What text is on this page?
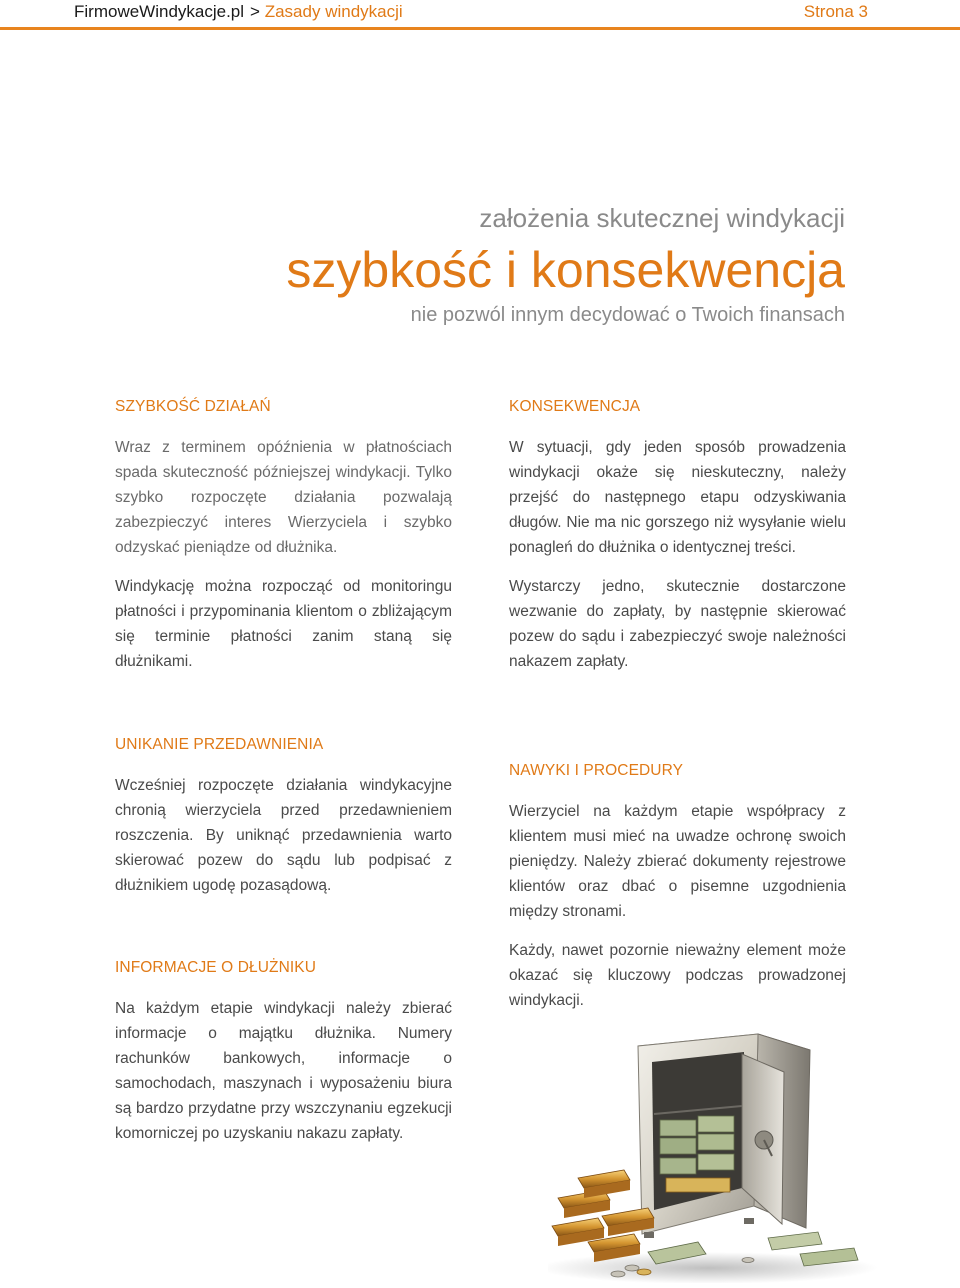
FirmoweWindykacje.pl > Zasady windykacji	Strona 3
założenia skutecznej windykacji
szybkość i konsekwencja
nie pozwól innym decydować o Twoich finansach
SZYBKOŚĆ DZIAŁAŃ

Wraz z terminem opóźnienia w płatnościach spada skuteczność późniejszej windykacji. Tylko szybko rozpoczęte działania pozwalają zabezpieczyć interes Wierzyciela i szybko odzyskać pieniądze od dłużnika.

Windykację można rozpocząć od monitoringu płatności i przypominania klientom o zbliżającym się terminie płatności zanim staną się dłużnikami.

KONSEKWENCJA

W sytuacji, gdy jeden sposób prowadzenia windykacji okaże się nieskuteczny, należy przejść do następnego etapu odzyskiwania długów. Nie ma nic gorszego niż wysyłanie wielu ponagleń do dłużnika o identycznej treści.

Wystarczy jedno, skutecznie dostarczone wezwanie do zapłaty, by następnie skierować pozew do sądu i zabezpieczyć swoje należności nakazem zapłaty.

UNIKANIE PRZEDAWNIENIA

Wcześniej rozpoczęte działania windykacyjne chronią wierzyciela przed przedawnieniem roszczenia. By uniknąć przedawnienia warto skierować pozew do sądu lub podpisać z dłużnikiem ugodę pozasądową.

NAWYKI I PROCEDURY

Wierzyciel na każdym etapie współpracy z klientem musi mieć na uwadze ochronę swoich pieniędzy. Należy zbierać dokumenty rejestrowe klientów oraz dbać o pisemne uzgodnienia między stronami.

Każdy, nawet pozornie nieważny element może okazać się kluczowy podczas prowadzonej windykacji.

INFORMACJE O DŁUŻNIKU

Na każdym etapie windykacji należy zbierać informacje o majątku dłużnika. Numery rachunków bankowych, informacje o samochodach, maszynach i wyposażeniu biura są bardzo przydatne przy wszczynaniu egzekucji komorniczej po uzyskaniu nakazu zapłaty.
